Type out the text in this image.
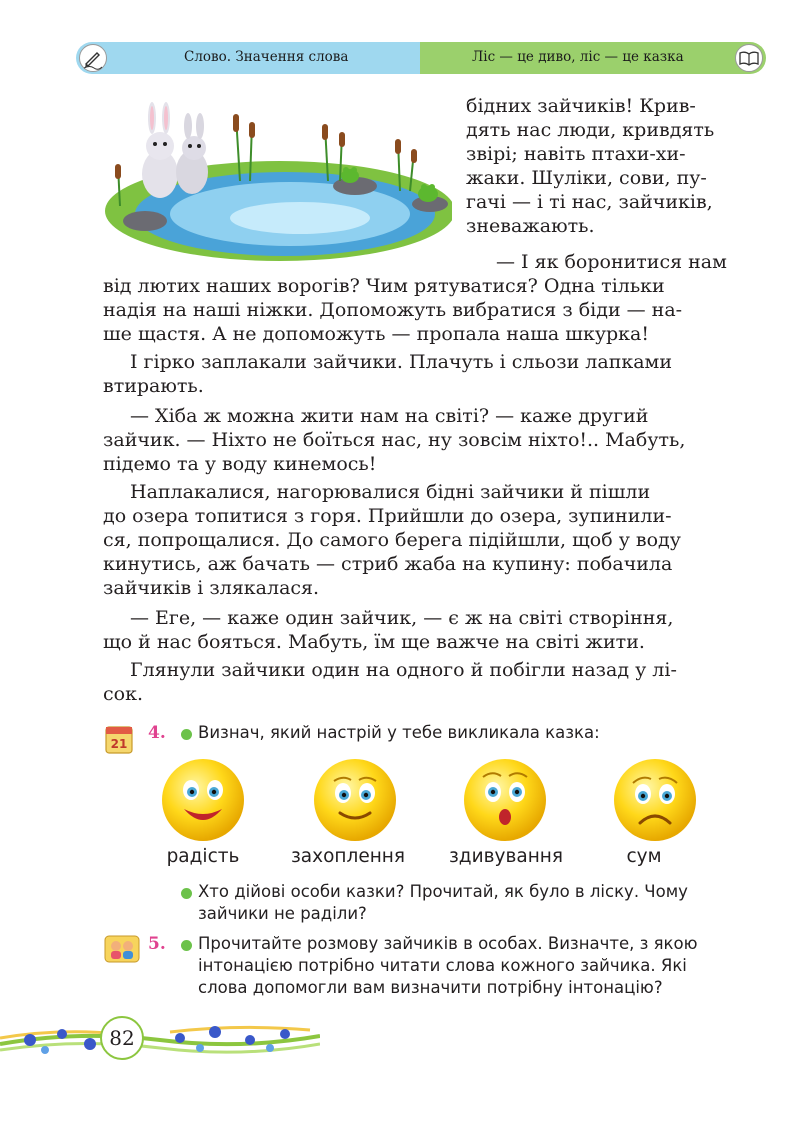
Слово. Значення слова	Ліс — це диво, ліс — це казка
бідних зайчиків! Крив-
дять нас люди, кривдять
звірі; навіть птахи-хи-
жаки. Шуліки, сови, пу-
гачі — і ті нас, зайчиків,
зневажають.
— І як боронитися нам
від лютих наших ворогів? Чим рятуватися? Одна тільки
надія на наші ніжки. Допоможуть вибратися з біди — на-
ше щастя. А не допоможуть — пропала наша шкурка!
І гірко заплакали зайчики. Плачуть і сльози лапками
втирають.
— Хіба ж можна жити нам на світі? — каже другий
зайчик. — Ніхто не боїться нас, ну зовсім ніхто!.. Мабуть,
підемо та у воду кинемось!
Наплакалися, нагорювалися бідні зайчики й пішли
до озера топитися з горя. Прийшли до озера, зупинили-
ся, попрощалися. До самого берега підійшли, щоб у воду
кинутись, аж бачать — стриб жаба на купину: побачила
зайчиків і злякалася.
— Еге, — каже один зайчик, — є ж на світі створіння,
що й нас бояться. Мабуть, їм ще важче на світі жити.
Глянули зайчики один на одного й побігли назад у лі-
сок.
21
4. Визнач, який настрій у тебе викликала казка:
радість	захоплення здивування	сум
Хто дійові особи казки? Прочитай, як було в ліску. Чому
зайчики не раділи?
5. Прочитайте розмову зайчиків в особах. Визначте, з якою
інтонацією потрібно читати слова кожного зайчика. Які
слова допомогли вам визначити потрібну інтонацію?
82
